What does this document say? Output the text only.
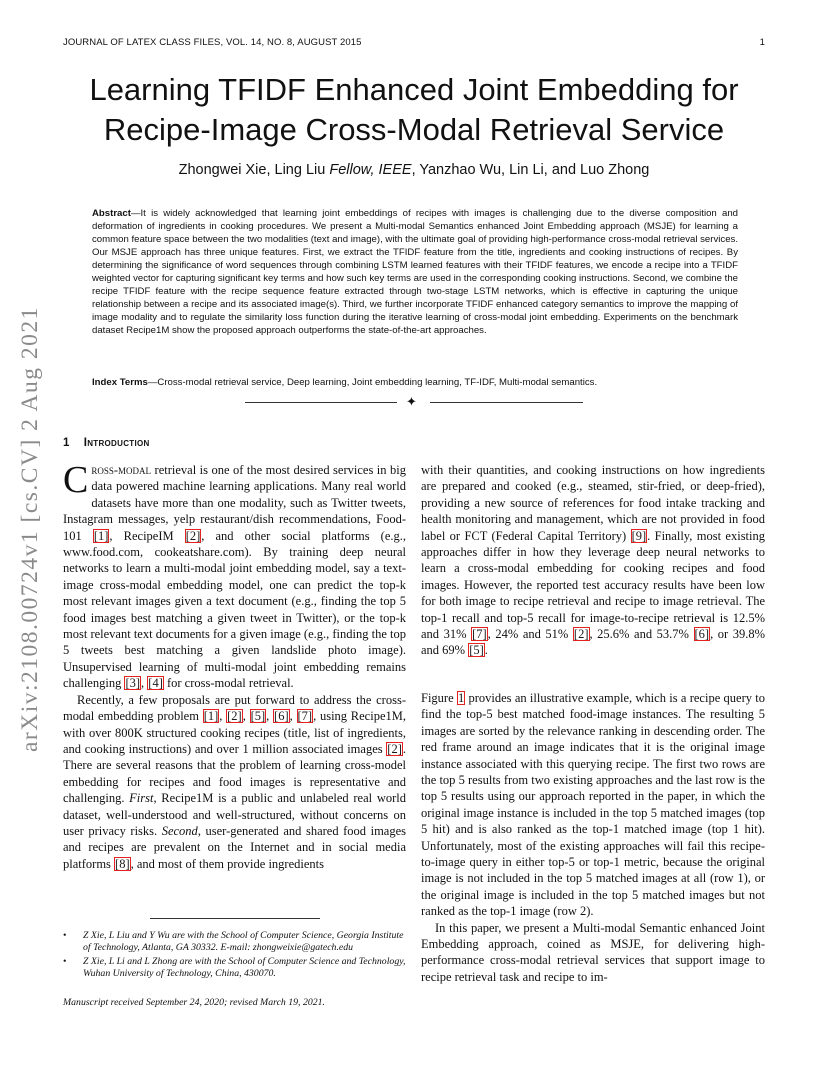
JOURNAL OF LATEX CLASS FILES, VOL. 14, NO. 8, AUGUST 2015	1
arXiv:2108.00724v1 [cs.CV] 2 Aug 2021
Learning TFIDF Enhanced Joint Embedding for Recipe-Image Cross-Modal Retrieval Service
Zhongwei Xie, Ling Liu Fellow, IEEE, Yanzhao Wu, Lin Li, and Luo Zhong
Abstract—It is widely acknowledged that learning joint embeddings of recipes with images is challenging due to the diverse composition and deformation of ingredients in cooking procedures. We present a Multi-modal Semantics enhanced Joint Embedding approach (MSJE) for learning a common feature space between the two modalities (text and image), with the ultimate goal of providing high-performance cross-modal retrieval services. Our MSJE approach has three unique features. First, we extract the TFIDF feature from the title, ingredients and cooking instructions of recipes. By determining the significance of word sequences through combining LSTM learned features with their TFIDF features, we encode a recipe into a TFIDF weighted vector for capturing significant key terms and how such key terms are used in the corresponding cooking instructions. Second, we combine the recipe TFIDF feature with the recipe sequence feature extracted through two-stage LSTM networks, which is effective in capturing the unique relationship between a recipe and its associated image(s). Third, we further incorporate TFIDF enhanced category semantics to improve the mapping of image modality and to regulate the similarity loss function during the iterative learning of cross-modal joint embedding. Experiments on the benchmark dataset Recipe1M show the proposed approach outperforms the state-of-the-art approaches.
Index Terms—Cross-modal retrieval service, Deep learning, Joint embedding learning, TF-IDF, Multi-modal semantics.
✦
1 Introduction

Cross-modal retrieval is one of the most desired services in big data powered machine learning applications. Many real world datasets have more than one modality, such as Twitter tweets, Instagram messages, yelp restaurant/dish recommendations, Food-101 [1], RecipeIM [2], and other social platforms (e.g., www.food.com, cookeatshare.com). By training deep neural networks to learn a multi-modal joint embedding model, say a text-image cross-modal embedding model, one can predict the top-k most relevant images given a text document (e.g., finding the top 5 food images best matching a given tweet in Twitter), or the top-k most relevant text documents for a given image (e.g., finding the top 5 tweets best matching a given landslide photo image). Unsupervised learning of multi-modal joint embedding remains challenging [3], [4] for cross-modal retrieval.

Recently, a few proposals are put forward to address the cross-modal embedding problem [1], [2], [5], [6], [7], using Recipe1M, with over 800K structured cooking recipes (title, list of ingredients, and cooking instructions) and over 1 million associated images [2]. There are several reasons that the problem of learning cross-model embedding for recipes and food images is representative and challenging. First, Recipe1M is a public and unlabeled real world dataset, well-understood and well-structured, without concerns on user privacy risks. Second, user-generated and shared food images and recipes are prevalent on the Internet and in social media platforms [8], and most of them provide ingredients

with their quantities, and cooking instructions on how ingredients are prepared and cooked (e.g., steamed, stir-fried, or deep-fried), providing a new source of references for food intake tracking and health monitoring and management, which are not provided in food label or FCT (Federal Capital Territory) [9]. Finally, most existing approaches differ in how they leverage deep neural networks to learn a cross-modal embedding for cooking recipes and food images. However, the reported test accuracy results have been low for both image to recipe retrieval and recipe to image retrieval. The top-1 recall and top-5 recall for image-to-recipe retrieval is 12.5% and 31% [7], 24% and 51% [2], 25.6% and 53.7% [6], or 39.8% and 69% [5].

Figure 1 provides an illustrative example, which is a recipe query to find the top-5 best matched food-image instances. The resulting 5 images are sorted by the relevance ranking in descending order. The red frame around an image indicates that it is the original image instance associated with this querying recipe. The first two rows are the top 5 results from two existing approaches and the last row is the top 5 results using our approach reported in the paper, in which the original image instance is included in the top 5 matched images (top 5 hit) and is also ranked as the top-1 matched image (top 1 hit). Unfortunately, most of the existing approaches will fail this recipe-to-image query in either top-5 or top-1 metric, because the original image is not included in the top 5 matched images at all (row 1), or the original image is included in the top 5 matched images but not ranked as the top-1 image (row 2).

In this paper, we present a Multi-modal Semantic enhanced Joint Embedding approach, coined as MSJE, for delivering high-performance cross-modal retrieval services that support image to recipe retrieval task and recipe to im-

• Z Xie, L Liu and Y Wu are with the School of Computer Science, Georgia Institute of Technology, Atlanta, GA 30332. E-mail: zhongweixie@gatech.edu
• Z Xie, L Li and L Zhong are with the School of Computer Science and Technology, Wuhan University of Technology, China, 430070.
Manuscript received September 24, 2020; revised March 19, 2021.
